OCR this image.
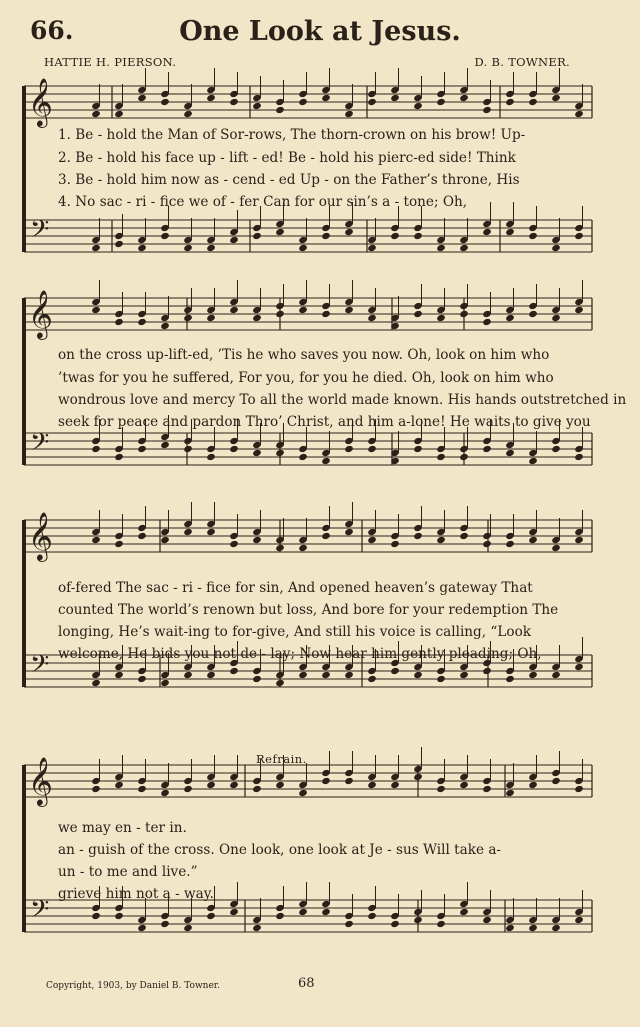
66.	One Look at Jesus.
HATTIE H. PIERSON.	D. B. TOWNER.
𝄞
𝄢
𝄞
𝄢
𝄞
𝄢
𝄞
𝄢
1. Be - hold the Man of Sor-rows, The thorn-crown on his brow! Up-
2. Be - hold his face up - lift - ed! Be - hold his pierc-ed side! Think
3. Be - hold him now as - cend - ed Up - on the Father’s throne, His
4. No sac - ri - fice we of - fer Can for our sin’s a - tone; Oh,
on the cross up-lift-ed, ’Tis he who saves you now. Oh, look on him who
’twas for you he suffered, For you, for you he died. Oh, look on him who
wondrous love and mercy To all the world made known. His hands outstretched in
seek for peace and pardon Thro’ Christ, and him a-lone! He waits to give you
of-fered The sac - ri - fice for sin, And opened heaven’s gateway That
counted The world’s renown but loss, And bore for your redemption The
longing, He’s wait-ing to for-give, And still his voice is calling, “Look
welcome, He bids you not de - lay; Now hear him gently pleading; Oh,
Refrain.
we may en - ter in.
an - guish of the cross. One look, one look at Je - sus Will take a-
un - to me and live.”
grieve him not a - way.
Copyright, 1903, by Daniel B. Towner.	68
